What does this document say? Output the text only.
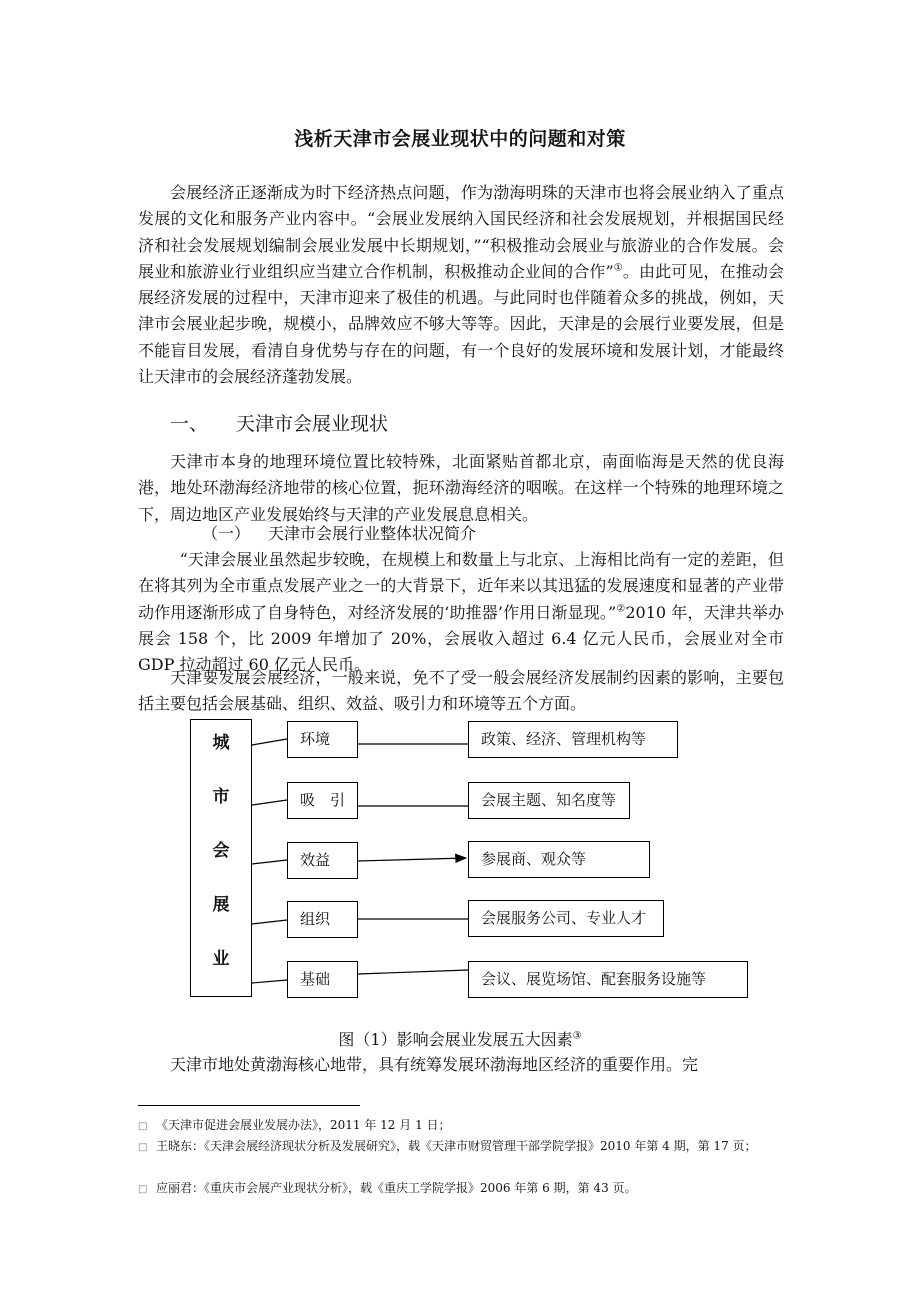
浅析天津市会展业现状中的问题和对策

会展经济正逐渐成为时下经济热点问题，作为渤海明珠的天津市也将会展业纳入了重点发展的文化和服务产业内容中。“会展业发展纳入国民经济和社会发展规划，并根据国民经济和社会发展规划编制会展业发展中长期规划，”“积极推动会展业与旅游业的合作发展。会展业和旅游业行业组织应当建立合作机制，积极推动企业间的合作”①。由此可见，在推动会展经济发展的过程中，天津市迎来了极佳的机遇。与此同时也伴随着众多的挑战，例如，天津市会展业起步晚，规模小，品牌效应不够大等等。因此，天津是的会展行业要发展，但是不能盲目发展，看清自身优势与存在的问题，有一个良好的发展环境和发展计划，才能最终让天津市的会展经济蓬勃发展。

一、 天津市会展业现状

天津市本身的地理环境位置比较特殊，北面紧贴首都北京，南面临海是天然的优良海港，地处环渤海经济地带的核心位置，扼环渤海经济的咽喉。在这样一个特殊的地理环境之下，周边地区产业发展始终与天津的产业发展息息相关。

（一） 天津市会展行业整体状况简介

“天津会展业虽然起步较晚，在规模上和数量上与北京、上海相比尚有一定的差距，但在将其列为全市重点发展产业之一的大背景下，近年来以其迅猛的发展速度和显著的产业带动作用逐渐形成了自身特色，对经济发展的‘助推器’作用日渐显现。”②2010 年，天津共举办展会 158 个，比 2009 年增加了 20%，会展收入超过 6.4 亿元人民币，会展业对全市 GDP 拉动超过 60 亿元人民币。

天津要发展会展经济，一般来说，免不了受一般会展经济发展制约因素的影响，主要包括主要包括会展基础、组织、效益、吸引力和环境等五个方面。

城
市
会
展
业
环境
吸　引
效益
组织
基础
政策、经济、管理机构等
会展主题、知名度等
参展商、观众等
会展服务公司、专业人才
会议、展览场馆、配套服务设施等
图（1）影响会展业发展五大因素③

天津市地处黄渤海核心地带，具有统筹发展环渤海地区经济的重要作用。完

□ 《天津市促进会展业发展办法》，2011 年 12 月 1 日；
□ 王晓东：《天津会展经济现状分析及发展研究》，载《天津市财贸管理干部学院学报》2010 年第 4 期，第 17 页；
□ 应丽君：《重庆市会展产业现状分析》，载《重庆工学院学报》2006 年第 6 期，第 43 页。
